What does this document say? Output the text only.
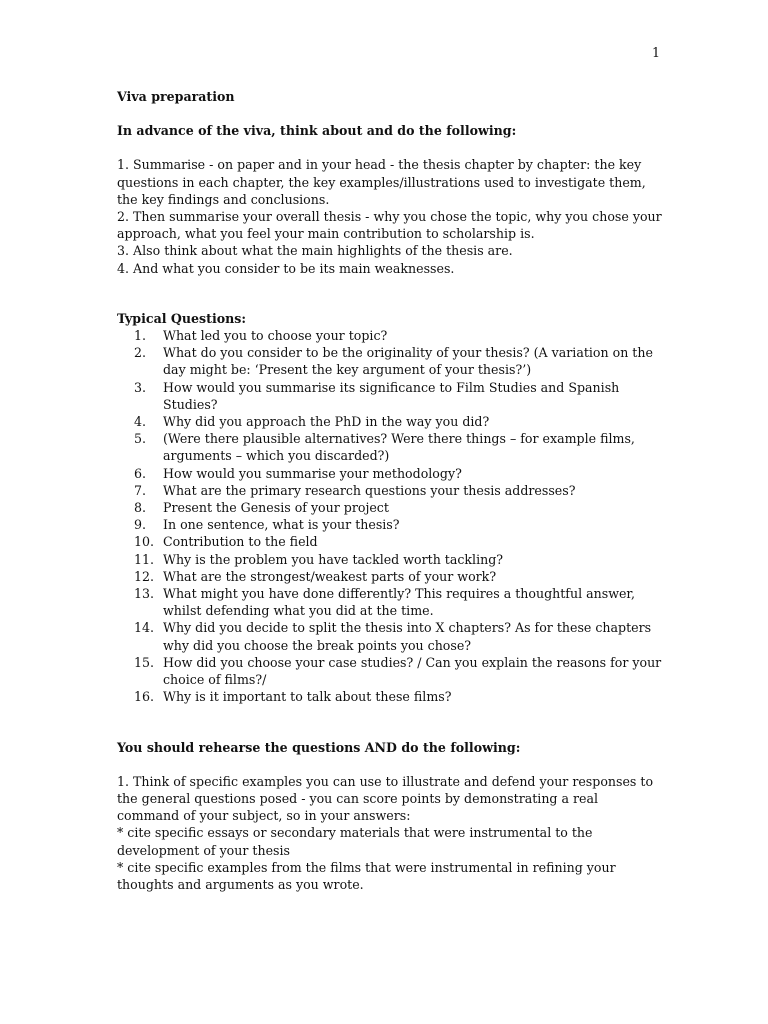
1
Viva preparation
In advance of the viva, think about and do the following:

1. Summarise - on paper and in your head - the thesis chapter by chapter: the key questions in each chapter, the key examples/illustrations used to investigate them, the key findings and conclusions.

2. Then summarise your overall thesis - why you chose the topic, why you chose your approach, what you feel your main contribution to scholarship is.

3. Also think about what the main highlights of the thesis are.

4. And what you consider to be its main weaknesses.

Typical Questions:
1.	What led you to choose your topic?
2.	What do you consider to be the originality of your thesis? (A variation on the day might be: ‘Present the key argument of your thesis?’)
3.	How would you summarise its significance to Film Studies and Spanish Studies?
4.	Why did you approach the PhD in the way you did?
5.	(Were there plausible alternatives? Were there things – for example films, arguments – which you discarded?)
6.	How would you summarise your methodology?
7.	What are the primary research questions your thesis addresses?
8.	Present the Genesis of your project
9.	In one sentence, what is your thesis?
10. Contribution to the field
11. Why is the problem you have tackled worth tackling?
12. What are the strongest/weakest parts of your work?
13. What might you have done differently? This requires a thoughtful answer, whilst defending what you did at the time.
14. Why did you decide to split the thesis into X chapters? As for these chapters why did you choose the break points you chose?
15. How did you choose your case studies? / Can you explain the reasons for your choice of films?/
16. Why is it important to talk about these films?
You should rehearse the questions AND do the following:

1. Think of specific examples you can use to illustrate and defend your responses to the general questions posed - you can score points by demonstrating a real command of your subject, so in your answers:

* cite specific essays or secondary materials that were instrumental to the development of your thesis

* cite specific examples from the films that were instrumental in refining your thoughts and arguments as you wrote.
